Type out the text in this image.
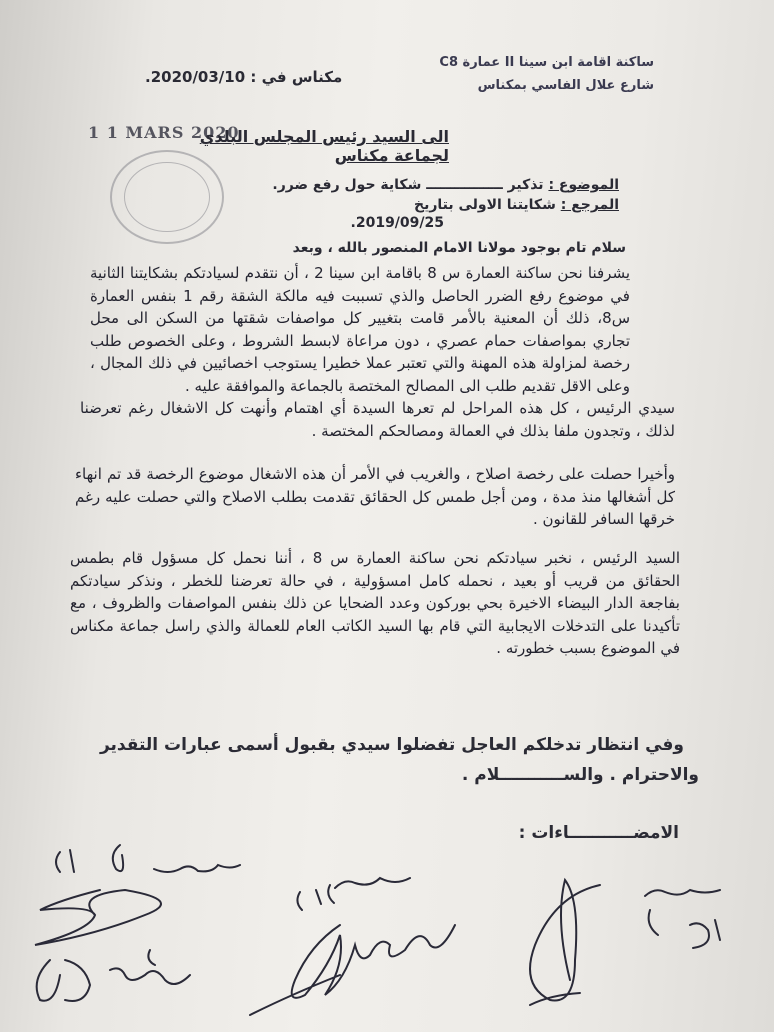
ساكنة اقامة ابن سينا II عمارة C8
شارع علال الفاسي بمكناس
مكناس في : 2020/03/10.
1 1 MARS 2020
الى السيد رئيس المجلس البلدي
لجماعة مكناس
الموضوع : تذكير ــــــــــــــــ شكاية حول رفع ضرر.
المرجع : شكايتنا الاولى بتاريخ
2019/09/25.
سلام تام بوجود مولانا الامام المنصور بالله ، وبعد
يشرفنا نحن ساكنة العمارة س 8 باقامة ابن سينا 2 ، أن نتقدم لسيادتكم بشكايتنا الثانية في موضوع رفع الضرر الحاصل والذي تسببت فيه مالكة الشقة رقم 1 بنفس العمارة س8، ذلك أن المعنية بالأمر قامت بتغيير كل مواصفات شقتها من السكن الى محل تجاري بمواصفات حمام عصري ، دون مراعاة لابسط الشروط ، وعلى الخصوص طلب رخصة لمزاولة هذه المهنة والتي تعتبر عملا خطيرا يستوجب اخصائيين في ذلك المجال ، وعلى الاقل تقديم طلب الى المصالح المختصة بالجماعة والموافقة عليه .
سيدي الرئيس ، كل هذه المراحل لم تعرها السيدة أي اهتمام وأنهت كل الاشغال رغم تعرضنا لذلك ، وتجدون ملفا بذلك في العمالة ومصالحكم المختصة .
وأخيرا حصلت على رخصة اصلاح ، والغريب في الأمر أن هذه الاشغال موضوع الرخصة قد تم انهاء كل أشغالها منذ مدة ، ومن أجل طمس كل الحقائق تقدمت بطلب الاصلاح والتي حصلت عليه رغم خرقها السافر للقانون .
السيد الرئيس ، نخبر سيادتكم نحن ساكنة العمارة س 8 ، أننا نحمل كل مسؤول قام بطمس الحقائق من قريب أو بعيد ، نحمله كامل امسؤولية ، في حالة تعرضنا للخطر ، ونذكر سيادتكم بفاجعة الدار البيضاء الاخيرة بحي بوركون وعدد الضحايا عن ذلك بنفس المواصفات والظروف ، مع تأكيدنا على التدخلات الايجابية التي قام بها السيد الكاتب العام للعمالة والذي راسل جماعة مكناس في الموضوع بسبب خطورته .
وفي انتظار تدخلكم العاجل تفضلوا سيدي بقبول أسمى عبارات التقدير
والاحترام . والســـــــــــلام .
الامضـــــــــــاءات :
